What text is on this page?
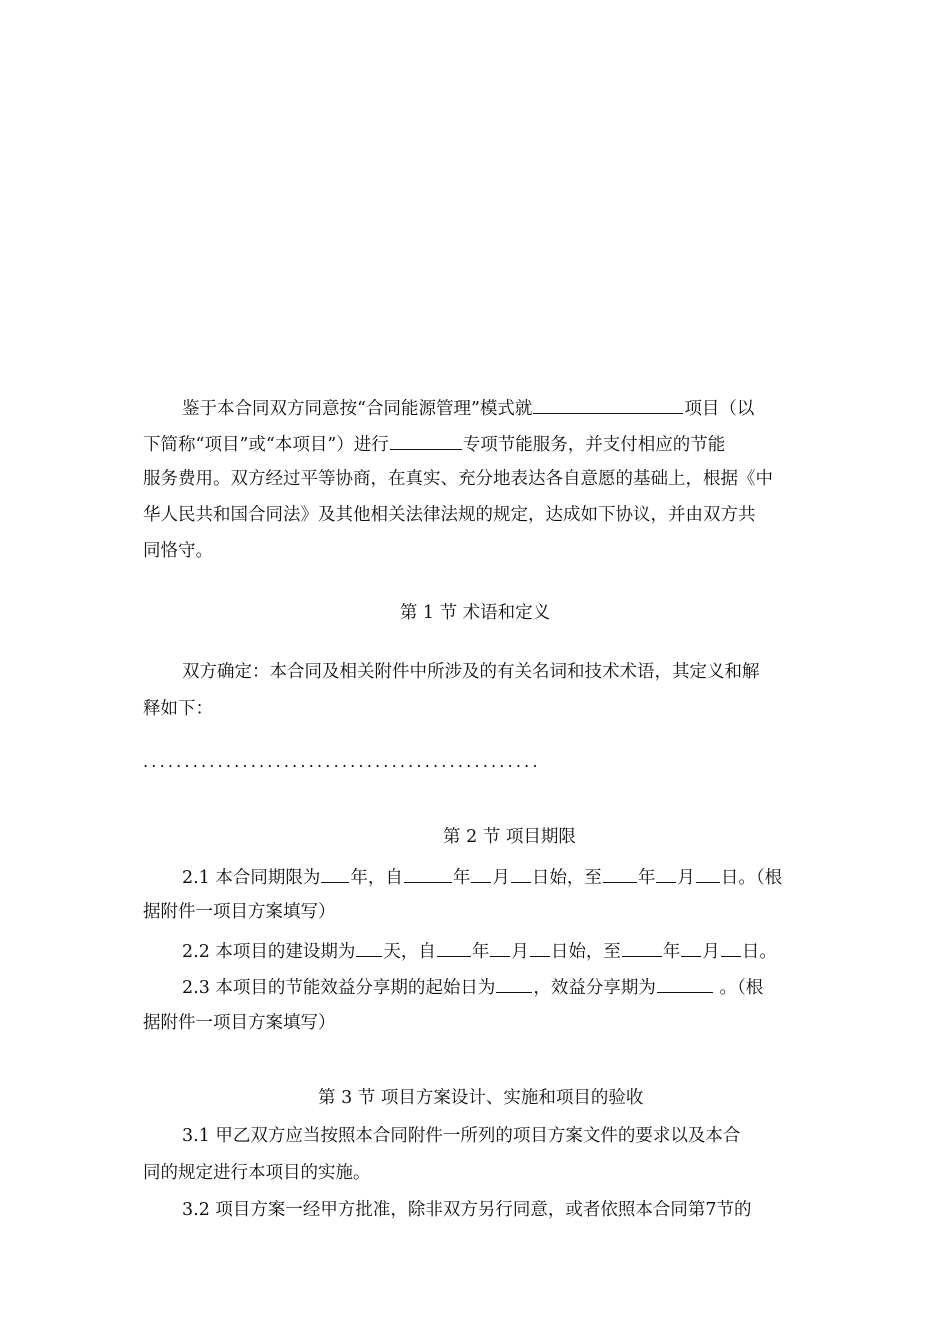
鉴于本合同双方同意按“合同能源管理”模式就	项目（以
下简称“项目”或“本项目”）进行	专项节能服务，并支付相应的节能
服务费用。双方经过平等协商，在真实、充分地表达各自意愿的基础上，根据《中
华人民共和国合同法》及其他相关法律法规的规定，达成如下协议，并由双方共
同恪守。
第 1 节 术语和定义
双方确定：本合同及相关附件中所涉及的有关名词和技术术语，其定义和解
释如下：
................................................
第 2 节 项目期限
2.1 本合同期限为 年，自	年 月 日始，至 年 月 日。（根
据附件一项目方案填写）
2.2 本项目的建设期为 天，自 年 月 日始，至 年 月 日。
2.3 本项目的节能效益分享期的起始日为 ，效益分享期为	。（根
据附件一项目方案填写）
第 3 节 项目方案设计、实施和项目的验收
3.1 甲乙双方应当按照本合同附件一所列的项目方案文件的要求以及本合
同的规定进行本项目的实施。
3.2 项目方案一经甲方批准，除非双方另行同意，或者依照本合同第7节的
